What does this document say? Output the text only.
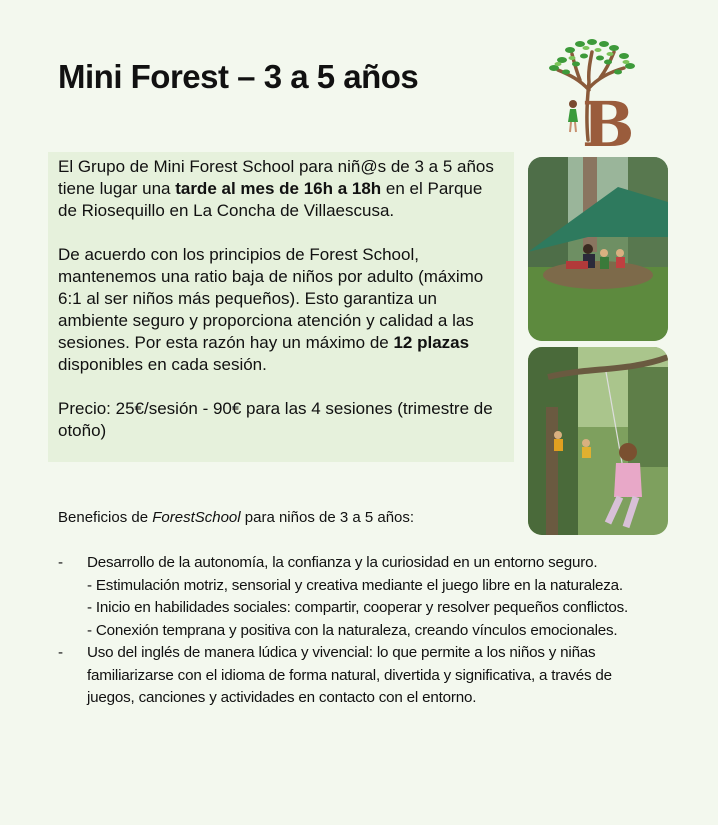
Mini Forest – 3 a 5 años
B

El Grupo de Mini Forest School para niñ@s de 3 a 5 años tiene lugar una tarde al mes de 16h a 18h en el Parque de Riosequillo en La Concha de Villaescusa.

De acuerdo con los principios de Forest School, mantenemos una ratio baja de niños por adulto (máximo 6:1 al ser niños más pequeños). Esto garantiza un ambiente seguro y proporciona atención y calidad a las sesiones. Por esta razón hay un máximo de 12 plazas disponibles en cada sesión.

Precio: 25€/sesión - 90€ para las 4 sesiones (trimestre de otoño)

Beneficios de ForestSchool para niños de 3 a 5 años:

- Desarrollo de la autonomía, la confianza y la curiosidad en un entorno seguro.
- Estimulación motriz, sensorial y creativa mediante el juego libre en la naturaleza.
- Inicio en habilidades sociales: compartir, cooperar y resolver pequeños conflictos.
- Conexión temprana y positiva con la naturaleza, creando vínculos emocionales.
- Uso del inglés de manera lúdica y vivencial: lo que permite a los niños y niñas familiarizarse con el idioma de forma natural, divertida y significativa, a través de juegos, canciones y actividades en contacto con el entorno.
